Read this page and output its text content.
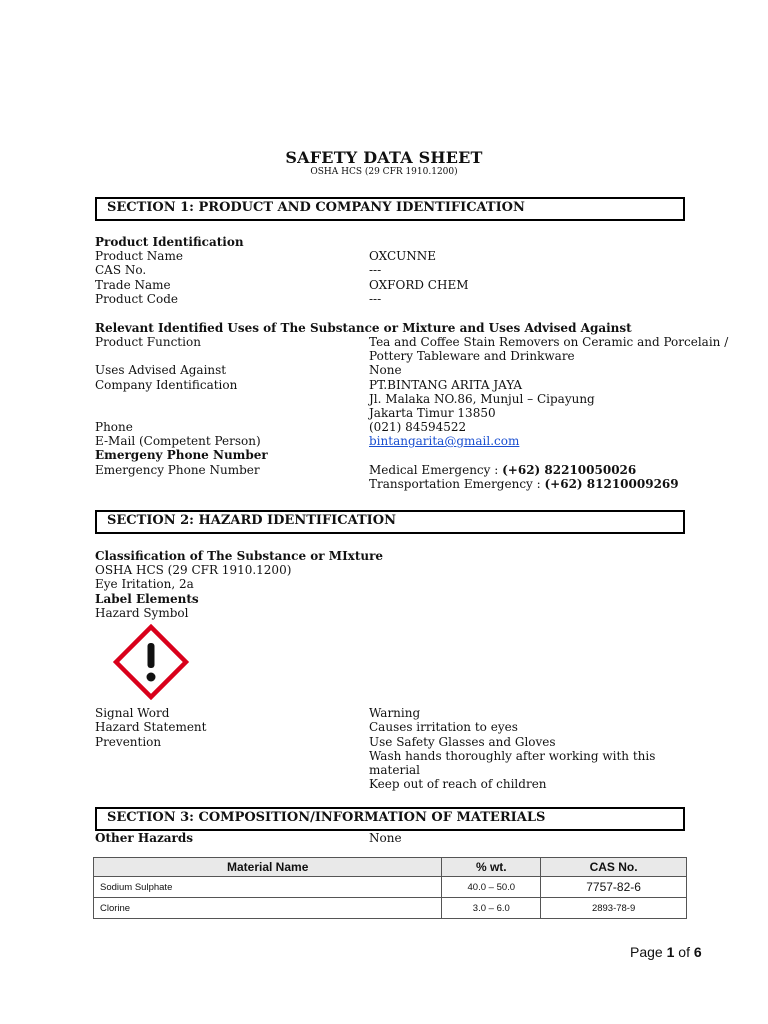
SAFETY DATA SHEET
OSHA HCS (29 CFR 1910.1200)
SECTION 1: PRODUCT AND COMPANY IDENTIFICATION
Product Identification
Product Name	OXCUNNE
CAS No.	---
Trade Name	OXFORD CHEM
Product Code	---
Relevant Identified Uses of The Substance or Mixture and Uses Advised Against
Product Function	Tea and Coffee Stain Removers on Ceramic and Porcelain /
Pottery Tableware and Drinkware
Uses Advised Against	None
Company Identification	PT.BINTANG ARITA JAYA
Jl. Malaka NO.86, Munjul – Cipayung
Jakarta Timur 13850
Phone	(021) 84594522
E-Mail (Competent Person)	bintangarita@gmail.com
Emergeny Phone Number
Emergency Phone Number	Medical Emergency : (+62) 82210050026
Transportation Emergency : (+62) 81210009269
SECTION 2: HAZARD IDENTIFICATION
Classification of The Substance or MIxture
OSHA HCS (29 CFR 1910.1200)
Eye Iritation, 2a
Label Elements
Hazard Symbol
Signal Word	Warning
Hazard Statement	Causes irritation to eyes
Prevention	Use Safety Glasses and Gloves
Wash hands thoroughly after working with this
material
Keep out of reach of children
SECTION 3: COMPOSITION/INFORMATION OF MATERIALS
Other Hazards	None
Material Name	% wt.	CAS No.
Sodium Sulphate	40.0 – 50.0	7757-82-6
Clorine	3.0 – 6.0	2893-78-9
Page 1 of 6
